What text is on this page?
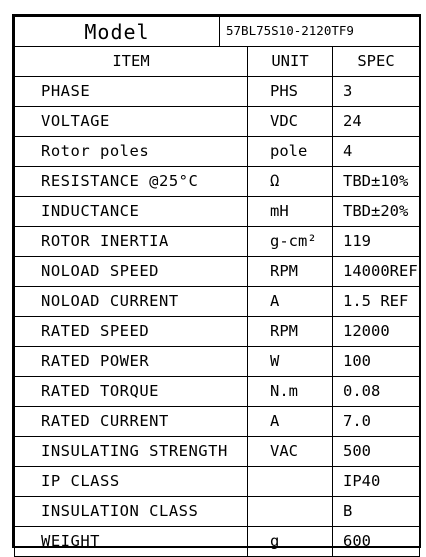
Model	57BL75S10-2120TF9		
ITEM		UNIT	SPEC
PHASE		PHS	3
VOLTAGE		VDC	24
Rotor poles		pole	4
RESISTANCE @25°C		Ω	TBD±10%
INDUCTANCE		mH	TBD±20%
ROTOR INERTIA		g-cm²	119
NOLOAD SPEED		RPM	14000REF
NOLOAD CURRENT		A	1.5 REF
RATED SPEED		RPM	12000
RATED POWER		W	100
RATED TORQUE		N.m	0.08
RATED CURRENT		A	7.0
INSULATING STRENGTH		VAC	500
IP CLASS			IP40
INSULATION CLASS			B
WEIGHT		g	600
